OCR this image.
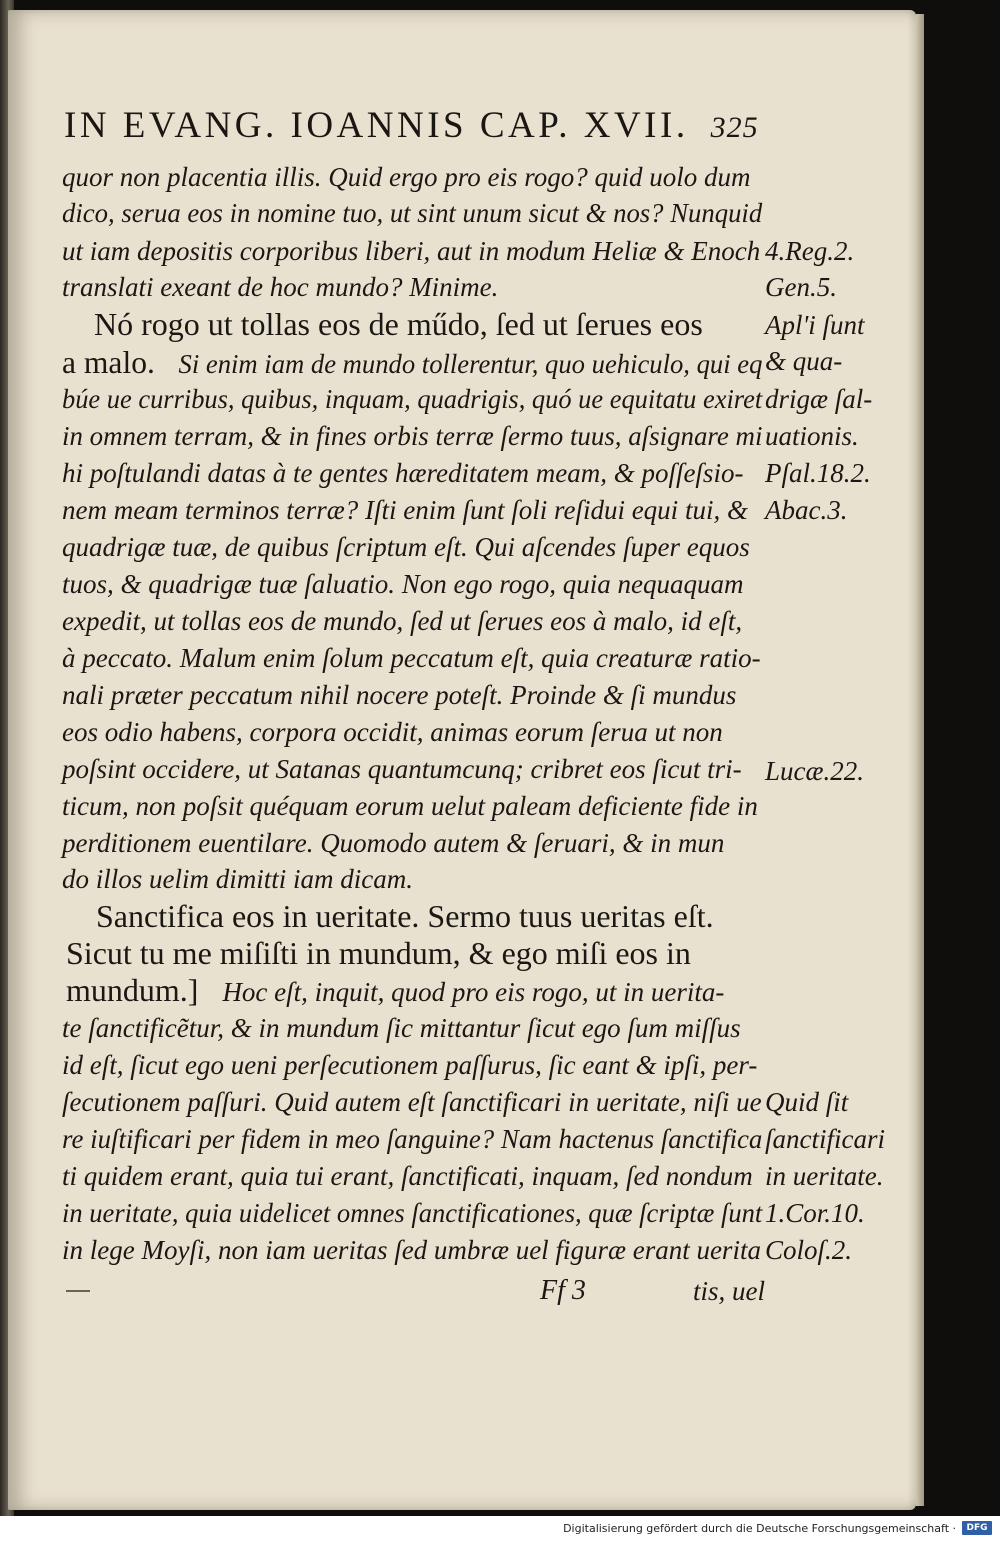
IN EVANG. IOANNIS CAP. XVII. 325
quor non placentia illis. Quid ergo pro eis rogo? quid uolo dum
dico, serua eos in nomine tuo, ut sint unum sicut & nos? Nunquid
ut iam depositis corporibus liberi, aut in modum Heliæ & Enoch
translati exeant de hoc mundo? Minime.
Nó rogo ut tollas eos de műdo, ſed ut ſerues eos
a malo. Si enim iam de mundo tollerentur, quo uehiculo, qui eq
búe ue curribus, quibus, inquam, quadrigis, quó ue equitatu exiret
in omnem terram, & in fines orbis terræ ſermo tuus, aſsignare mi
hi poſtulandi datas à te gentes hæreditatem meam, & poſſeſsio-
nem meam terminos terræ? Iſti enim ſunt ſoli reſidui equi tui, &
quadrigæ tuæ, de quibus ſcriptum eſt. Qui aſcendes ſuper equos
tuos, & quadrigæ tuæ ſaluatio. Non ego rogo, quia nequaquam
expedit, ut tollas eos de mundo, ſed ut ſerues eos à malo, id eſt,
à peccato. Malum enim ſolum peccatum eſt, quia creaturæ ratio-
nali præter peccatum nihil nocere poteſt. Proinde & ſi mundus
eos odio habens, corpora occidit, animas eorum ſerua ut non
poſsint occidere, ut Satanas quantumcunq; cribret eos ſicut tri-
ticum, non poſsit quéquam eorum uelut paleam deficiente fide in
perditionem euentilare. Quomodo autem & ſeruari, & in mun
do illos uelim dimitti iam dicam.
Sanctifica eos in ueritate. Sermo tuus ueritas eſt.
Sicut tu me miſiſti in mundum, & ego miſi eos in
mundum.] Hoc eſt, inquit, quod pro eis rogo, ut in uerita-
te ſanctificẽtur, & in mundum ſic mittantur ſicut ego ſum miſſus
id eſt, ſicut ego ueni perſecutionem paſſurus, ſic eant & ipſi, per-
ſecutionem paſſuri. Quid autem eſt ſanctificari in ueritate, niſi ue
re iuſtificari per fidem in meo ſanguine? Nam hactenus ſanctifica
ti quidem erant, quia tui erant, ſanctificati, inquam, ſed nondum
in ueritate, quia uidelicet omnes ſanctificationes, quæ ſcriptæ ſunt
in lege Moyſi, non iam ueritas ſed umbræ uel figuræ erant uerita
Ff 3	tis, uel
4.Reg.2.
Gen.5.
Apl'i ſunt
& qua-
drigæ ſal-
uationis.
Pſal.18.2.
Abac.3.
Lucæ.22.
Quid ſit
ſanctificari
in ueritate.
1.Cor.10.
Coloſ.2.
Digitalisierung gefördert durch die Deutsche Forschungsgemeinschaft ·	DFG
